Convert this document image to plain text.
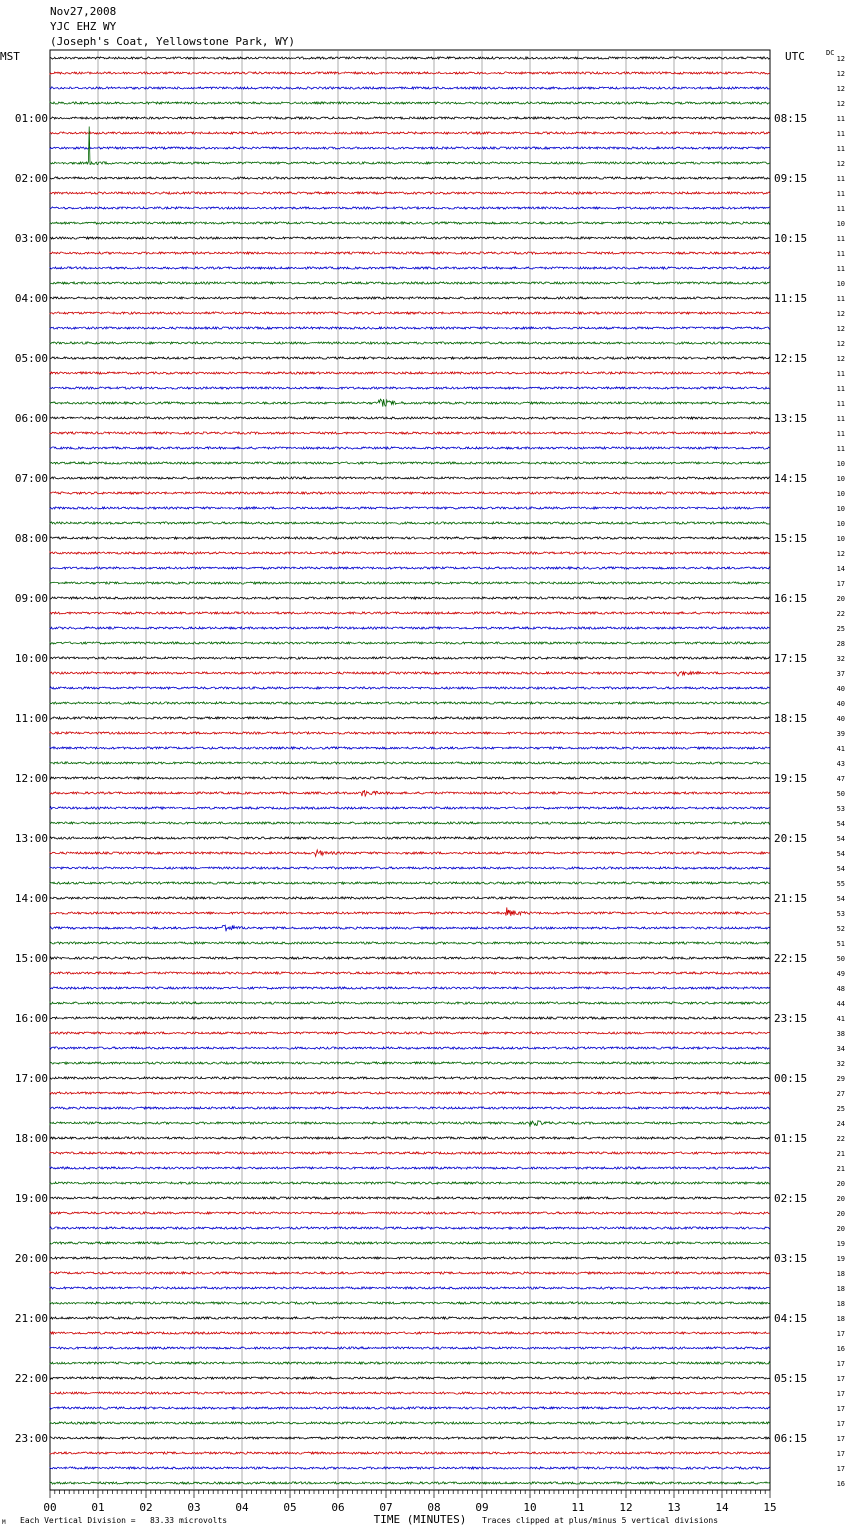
Nov27,2008
YJC EHZ WY
(Joseph's Coat, Yellowstone Park, WY)
MST	UTC	DC
00	01	02	03	04	05	06	07	08	09	10	11	12	13	14	15
TIME (MINUTES)
12
12
12
12
11
11
11
12
11
11
11
10
11
11
11
10
11
12
12
12
12
11
11
11
11
11
11
10
10
10
10
10
10
12
14
17
20
22
25
28
32
37
40
40
40
39
41
43
47
50
53
54
54
54
54
55
54
53
52
51
50
49
48
44
41
38
34
32
29
27
25
24
22
21
21
20
20
20
20
19
19
18
18
18
18
17
16
17
17
17
17
17
17
17
17
16
01:00
02:00
03:00
04:00
05:00
06:00
07:00
08:00
09:00
10:00
11:00
12:00
13:00
14:00
15:00
16:00
17:00
18:00
19:00
20:00
21:00
22:00
23:00
08:15
09:15
10:15
11:15
12:15
13:15
14:15
15:15
16:15
17:15
18:15
19:15
20:15
21:15
22:15
23:15
00:15
01:15
02:15
03:15
04:15
05:15
06:15
Each Vertical Division =   83.33 microvolts	Traces clipped at plus/minus 5 vertical divisions
M
